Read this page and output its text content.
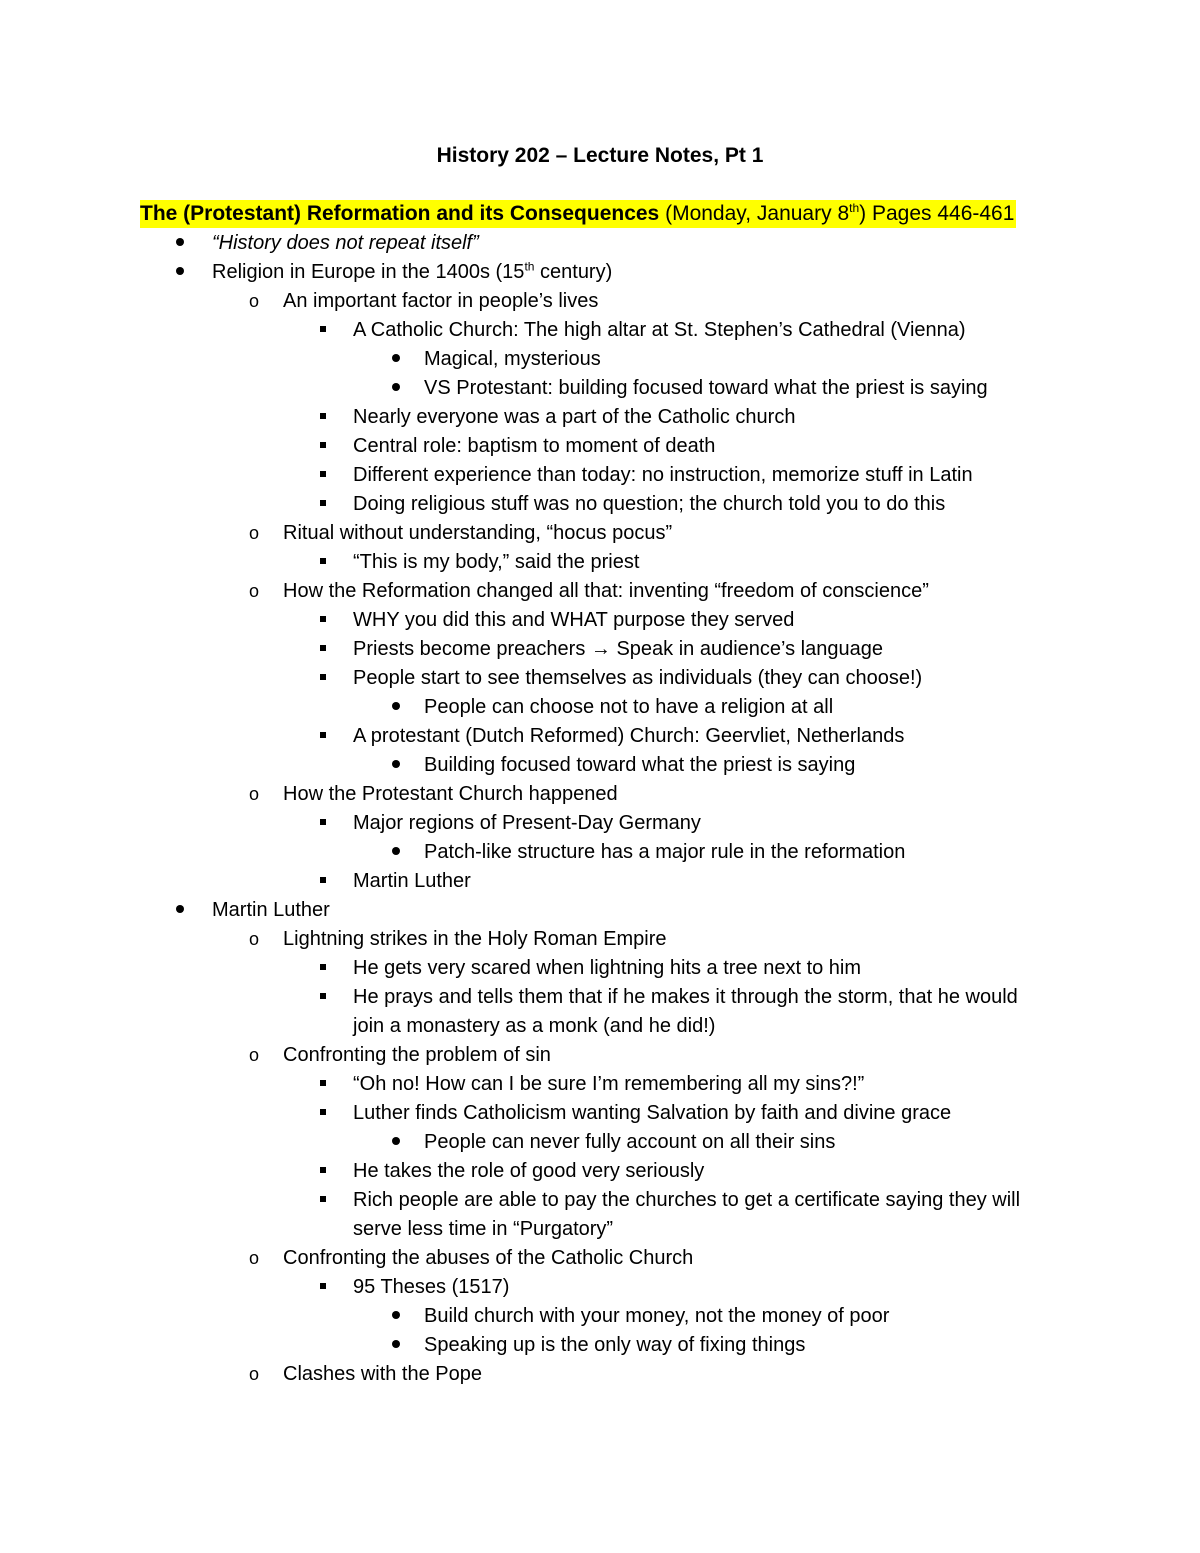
History 202 – Lecture Notes, Pt 1
The (Protestant) Reformation and its Consequences (Monday, January 8th) Pages 446-461
“History does not repeat itself”
Religion in Europe in the 1400s (15th century)
o An important factor in people’s lives
A Catholic Church: The high altar at St. Stephen’s Cathedral (Vienna)
Magical, mysterious
VS Protestant: building focused toward what the priest is saying
Nearly everyone was a part of the Catholic church
Central role: baptism to moment of death
Different experience than today: no instruction, memorize stuff in Latin
Doing religious stuff was no question; the church told you to do this
o Ritual without understanding, “hocus pocus”
“This is my body,” said the priest
o How the Reformation changed all that: inventing “freedom of conscience”
WHY you did this and WHAT purpose they served
Priests become preachers → Speak in audience’s language
People start to see themselves as individuals (they can choose!)
People can choose not to have a religion at all
A protestant (Dutch Reformed) Church: Geervliet, Netherlands
Building focused toward what the priest is saying
o How the Protestant Church happened
Major regions of Present-Day Germany
Patch-like structure has a major rule in the reformation
Martin Luther
Martin Luther
o Lightning strikes in the Holy Roman Empire
He gets very scared when lightning hits a tree next to him
He prays and tells them that if he makes it through the storm, that he would join a monastery as a monk (and he did!)
o Confronting the problem of sin
“Oh no! How can I be sure I’m remembering all my sins?!”
Luther finds Catholicism wanting Salvation by faith and divine grace
People can never fully account on all their sins
He takes the role of good very seriously
Rich people are able to pay the churches to get a certificate saying they will serve less time in “Purgatory”
o Confronting the abuses of the Catholic Church
95 Theses (1517)
Build church with your money, not the money of poor
Speaking up is the only way of fixing things
o Clashes with the Pope
